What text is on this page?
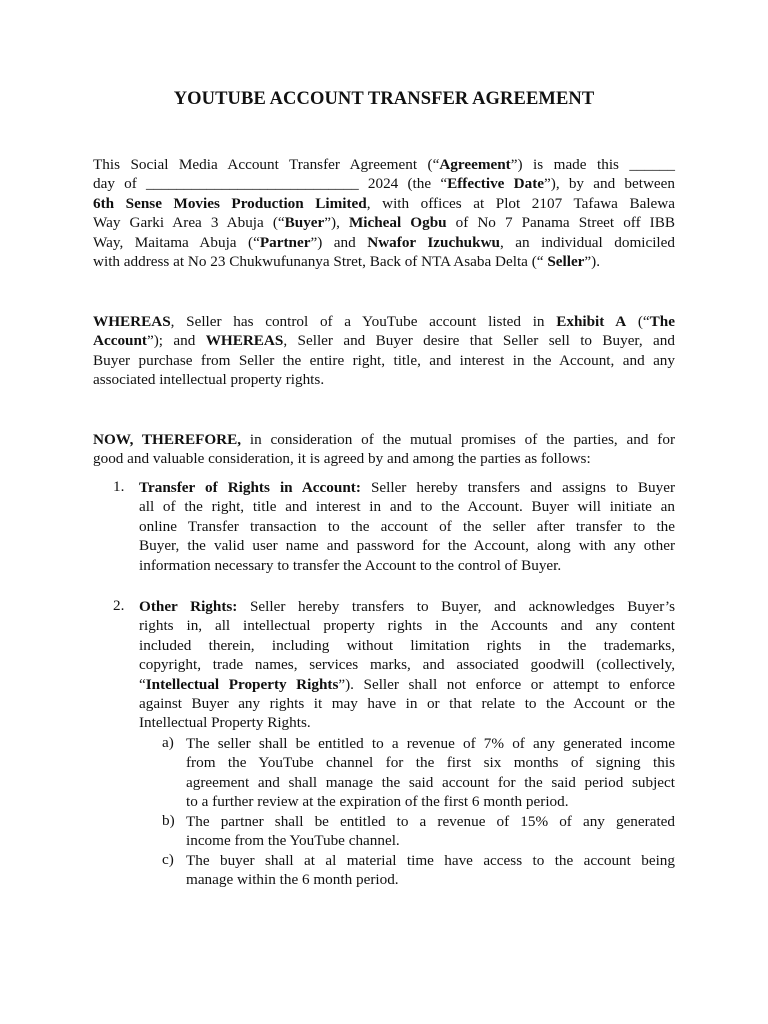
YOUTUBE ACCOUNT TRANSFER AGREEMENT
This Social Media Account Transfer Agreement (“Agreement”) is made this ______
day of ____________________________ 2024 (the “Effective Date”), by and between
6th Sense Movies Production Limited, with offices at Plot 2107 Tafawa Balewa
Way Garki Area 3 Abuja (“Buyer”), Micheal Ogbu of No 7 Panama Street off IBB
Way, Maitama Abuja (“Partner”) and Nwafor Izuchukwu, an individual domiciled
with address at No 23 Chukwufunanya Stret, Back of NTA Asaba Delta (“ Seller”).
WHEREAS, Seller has control of a YouTube account listed in Exhibit A (“The
Account”); and WHEREAS, Seller and Buyer desire that Seller sell to Buyer, and
Buyer purchase from Seller the entire right, title, and interest in the Account, and any
associated intellectual property rights.
NOW, THEREFORE, in consideration of the mutual promises of the parties, and for
good and valuable consideration, it is agreed by and among the parties as follows:
1. Transfer of Rights in Account: Seller hereby transfers and assigns to Buyer
all of the right, title and interest in and to the Account. Buyer will initiate an
online Transfer transaction to the account of the seller after transfer to the
Buyer, the valid user name and password for the Account, along with any other
information necessary to transfer the Account to the control of Buyer.
2. Other Rights: Seller hereby transfers to Buyer, and acknowledges Buyer’s
rights in, all intellectual property rights in the Accounts and any content
included therein, including without limitation rights in the trademarks,
copyright, trade names, services marks, and associated goodwill (collectively,
“Intellectual Property Rights”). Seller shall not enforce or attempt to enforce
against Buyer any rights it may have in or that relate to the Account or the
Intellectual Property Rights.
a) The seller shall be entitled to a revenue of 7% of any generated income
from the YouTube channel for the first six months of signing this
agreement and shall manage the said account for the said period subject
to a further review at the expiration of the first 6 month period.
b) The partner shall be entitled to a revenue of 15% of any generated
income from the YouTube channel.
c) The buyer shall at al material time have access to the account being
manage within the 6 month period.
